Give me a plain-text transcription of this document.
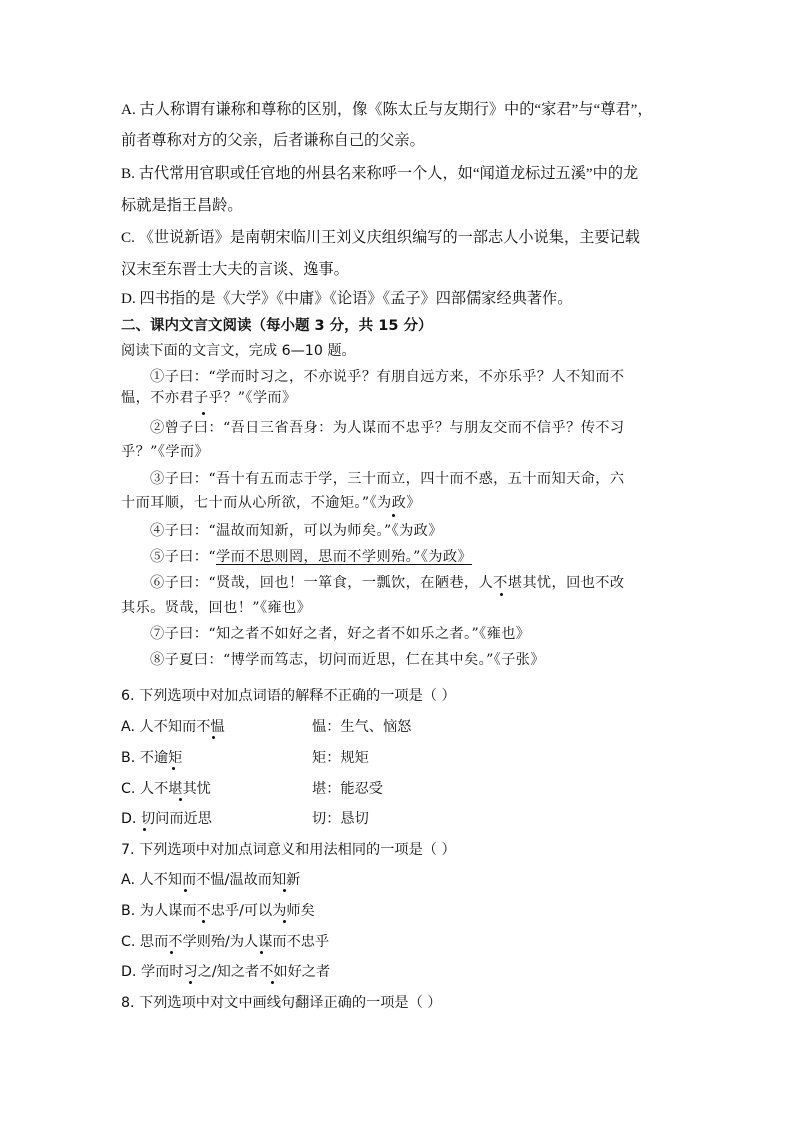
A. 古人称谓有谦称和尊称的区别，像《陈太丘与友期行》中的“家君”与“尊君”，
前者尊称对方的父亲，后者谦称自己的父亲。
B. 古代常用官职或任官地的州县名来称呼一个人，如“闻道龙标过五溪”中的龙
标就是指王昌龄。
C. 《世说新语》是南朝宋临川王刘义庆组织编写的一部志人小说集，主要记载
汉末至东晋士大夫的言谈、逸事。
D. 四书指的是《大学》《中庸》《论语》《孟子》四部儒家经典著作。
二、课内文言文阅读（每小题 3 分，共 15 分）
阅读下面的文言文，完成 6—10 题。
①子曰：“学而时习之，不亦说乎？有朋自远方来，不亦乐乎？人不知而不
愠，不亦君子乎？”《学而》
②曾子曰：“吾日三省吾身：为人谋而不忠乎？与朋友交而不信乎？传不习
乎？”《学而》
③子曰：“吾十有五而志于学，三十而立，四十而不惑，五十而知天命，六
十而耳顺，七十而从心所欲，不逾矩。”《为政》
④子曰：“温故而知新，可以为师矣。”《为政》
⑤子曰：“学而不思则罔，思而不学则殆。”《为政》
⑥子曰：“贤哉，回也！一箪食，一瓢饮，在陋巷，人不堪其忧，回也不改
其乐。贤哉，回也！”《雍也》
⑦子曰：“知之者不如好之者，好之者不如乐之者。”《雍也》
⑧子夏曰：“博学而笃志，切问而近思，仁在其中矣。”《子张》
6. 下列选项中对加点词语的解释不正确的一项是（ ）
A. 人不知而不愠	愠：生气、恼怒
B. 不逾矩	矩：规矩
C. 人不堪其忧	堪：能忍受
D. 切问而近思	切：恳切
7. 下列选项中对加点词意义和用法相同的一项是（ ）
A. 人不知而不愠/温故而知新
B. 为人谋而不忠乎/可以为师矣
C. 思而不学则殆/为人谋而不忠乎
D. 学而时习之/知之者不如好之者
8. 下列选项中对文中画线句翻译正确的一项是（ ）
